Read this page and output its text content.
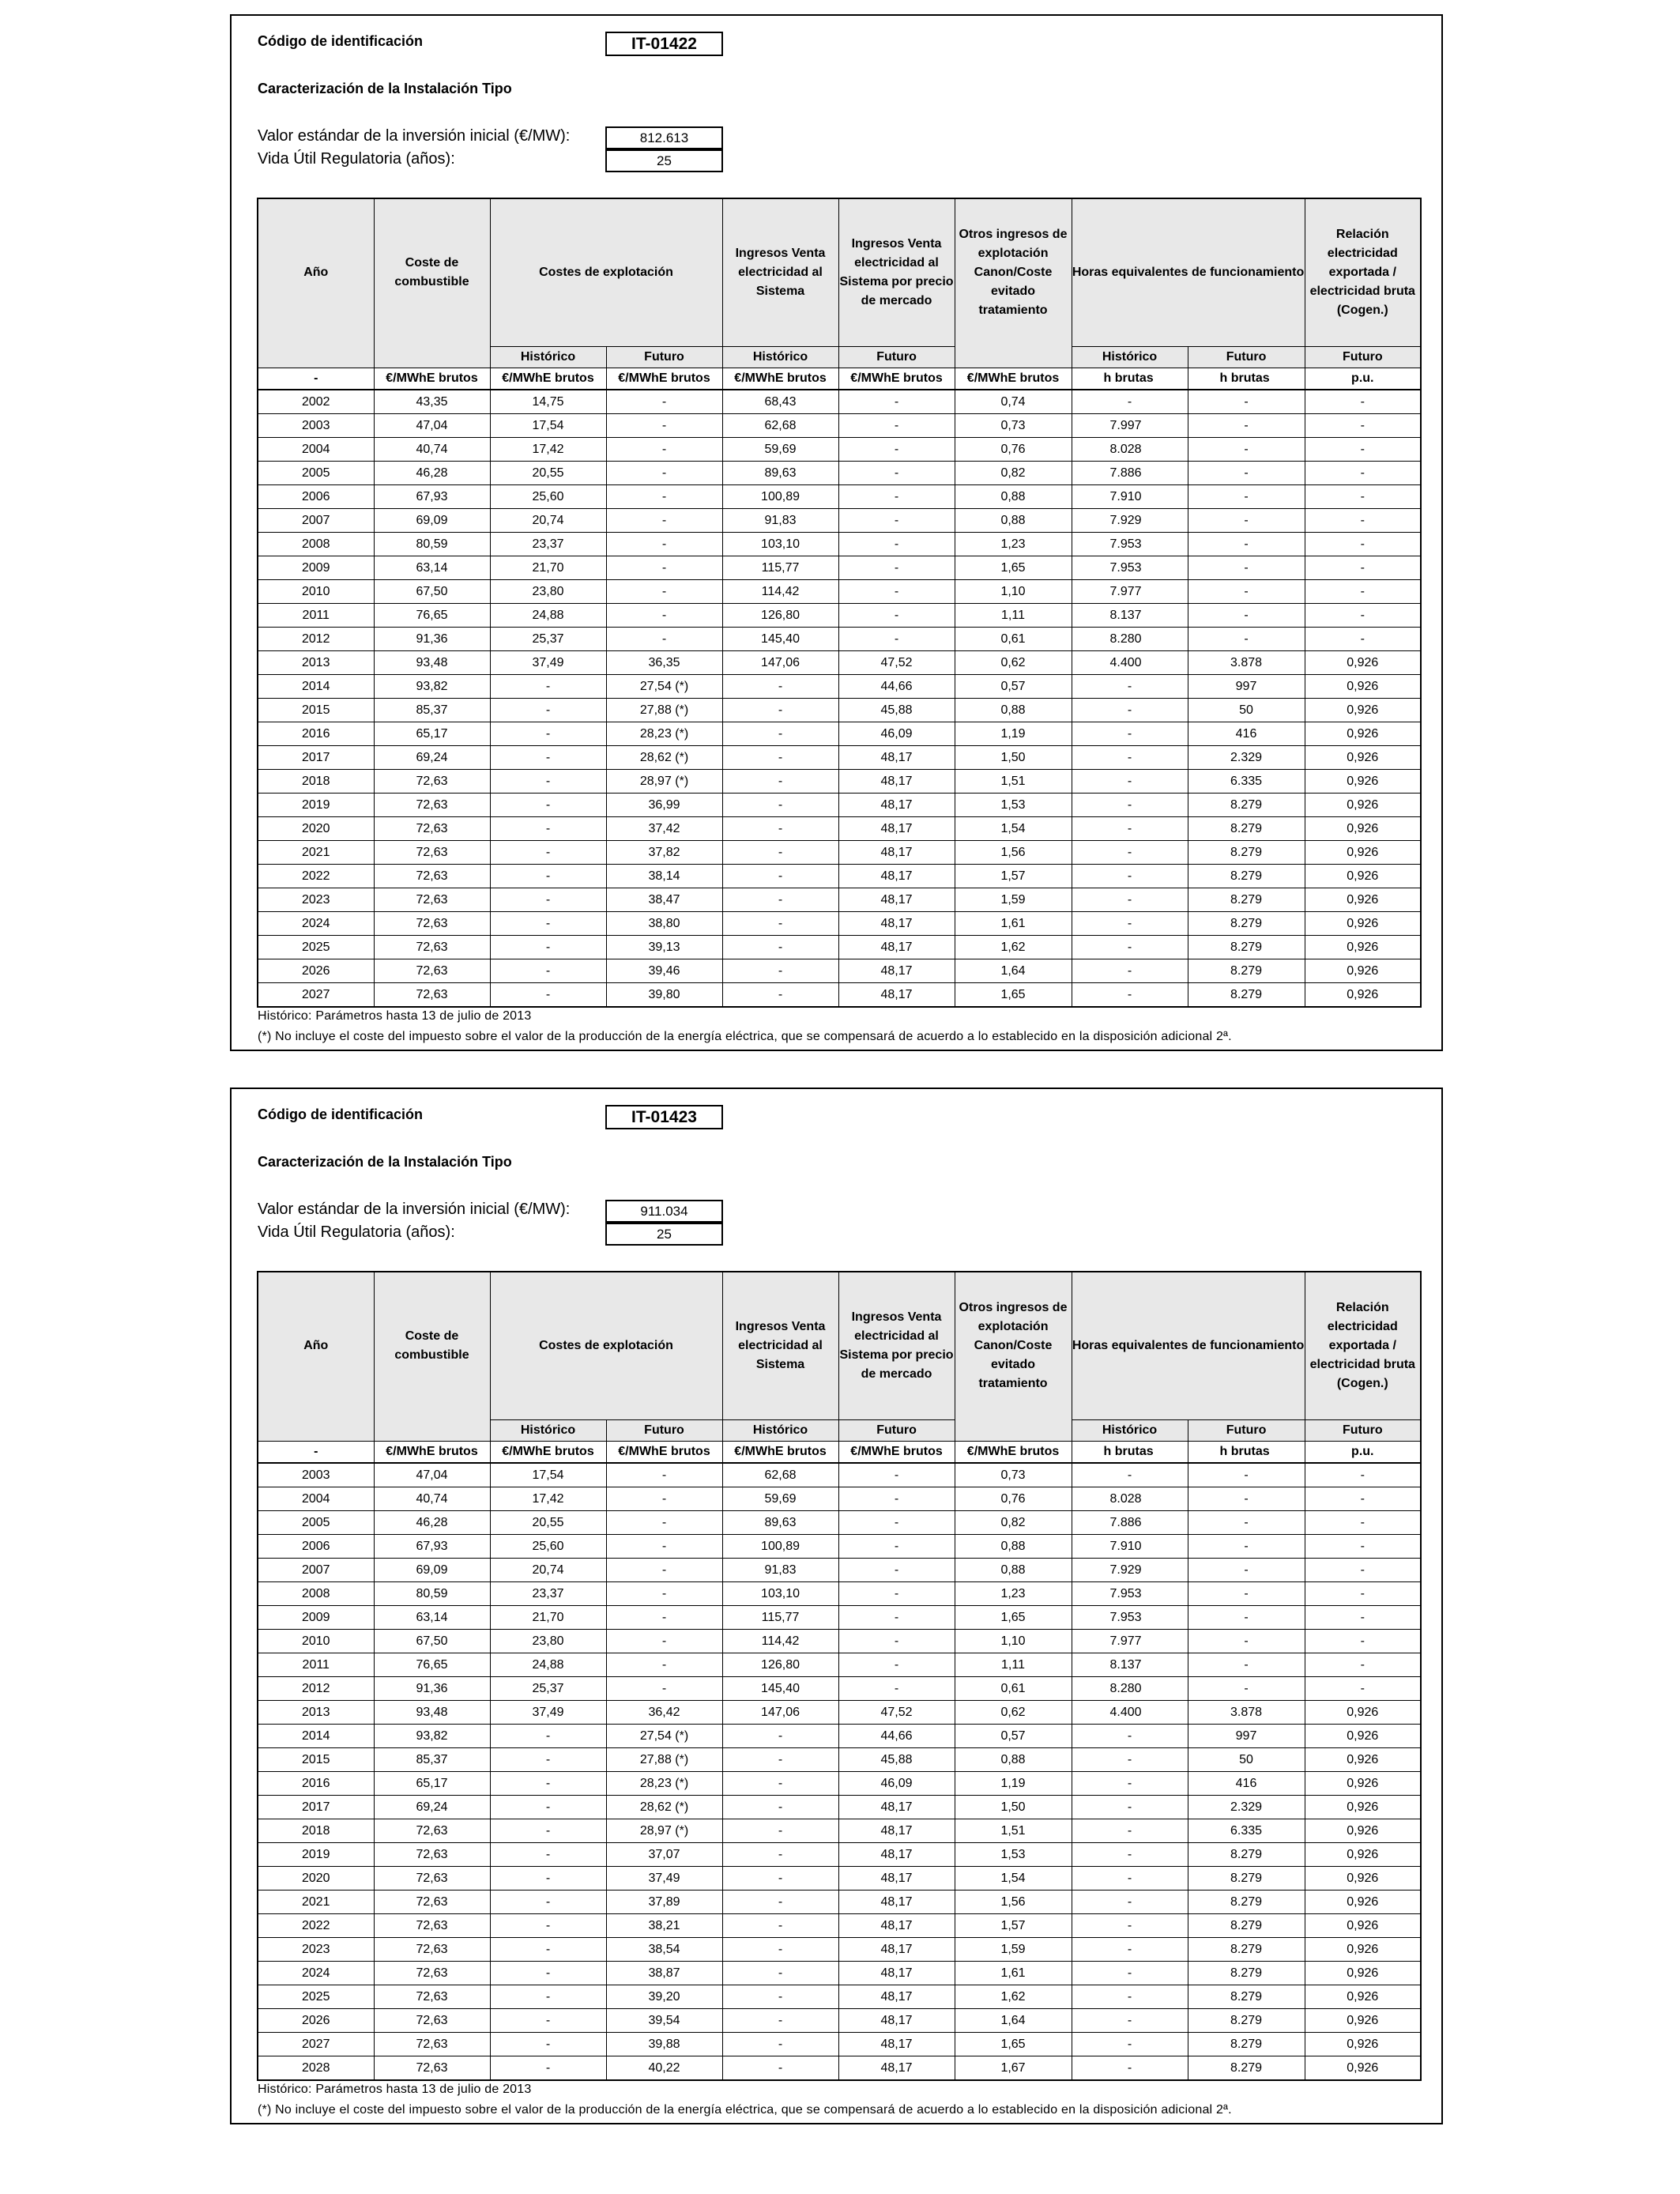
Código de identificación	IT-01422
Caracterización de la Instalación Tipo
Valor estándar de la inversión inicial (€/MW):	812.613
Vida Útil Regulatoria (años):	25
Año	Coste de combustible	Costes de explotación		Ingresos Venta electricidad al Sistema	Ingresos Venta electricidad al Sistema por precio de mercado	Otros ingresos de explotación Canon/Coste evitado tratamiento	Horas equivalentes de funcionamiento		Relación electricidad exportada / electricidad bruta (Cogen.)
		Histórico	Futuro	Histórico	Futuro		Histórico	Futuro	Futuro
-	€/MWhE brutos	€/MWhE brutos	€/MWhE brutos	€/MWhE brutos	€/MWhE brutos	€/MWhE brutos	h brutas	h brutas	p.u.
2002	43,35	14,75	-	68,43	-	0,74	-	-	-
2003	47,04	17,54	-	62,68	-	0,73	7.997	-	-
2004	40,74	17,42	-	59,69	-	0,76	8.028	-	-
2005	46,28	20,55	-	89,63	-	0,82	7.886	-	-
2006	67,93	25,60	-	100,89	-	0,88	7.910	-	-
2007	69,09	20,74	-	91,83	-	0,88	7.929	-	-
2008	80,59	23,37	-	103,10	-	1,23	7.953	-	-
2009	63,14	21,70	-	115,77	-	1,65	7.953	-	-
2010	67,50	23,80	-	114,42	-	1,10	7.977	-	-
2011	76,65	24,88	-	126,80	-	1,11	8.137	-	-
2012	91,36	25,37	-	145,40	-	0,61	8.280	-	-
2013	93,48	37,49	36,35	147,06	47,52	0,62	4.400	3.878	0,926
2014	93,82	-	27,54 (*)	-	44,66	0,57	-	997	0,926
2015	85,37	-	27,88 (*)	-	45,88	0,88	-	50	0,926
2016	65,17	-	28,23 (*)	-	46,09	1,19	-	416	0,926
2017	69,24	-	28,62 (*)	-	48,17	1,50	-	2.329	0,926
2018	72,63	-	28,97 (*)	-	48,17	1,51	-	6.335	0,926
2019	72,63	-	36,99	-	48,17	1,53	-	8.279	0,926
2020	72,63	-	37,42	-	48,17	1,54	-	8.279	0,926
2021	72,63	-	37,82	-	48,17	1,56	-	8.279	0,926
2022	72,63	-	38,14	-	48,17	1,57	-	8.279	0,926
2023	72,63	-	38,47	-	48,17	1,59	-	8.279	0,926
2024	72,63	-	38,80	-	48,17	1,61	-	8.279	0,926
2025	72,63	-	39,13	-	48,17	1,62	-	8.279	0,926
2026	72,63	-	39,46	-	48,17	1,64	-	8.279	0,926
2027	72,63	-	39,80	-	48,17	1,65	-	8.279	0,926
Histórico: Parámetros hasta 13 de julio de 2013
(*) No incluye el coste del impuesto sobre el valor de la producción de la energía eléctrica, que se compensará de acuerdo a lo establecido en la disposición adicional 2ª.
Código de identificación	IT-01423
Caracterización de la Instalación Tipo
Valor estándar de la inversión inicial (€/MW):	911.034
Vida Útil Regulatoria (años):	25
Año	Coste de combustible	Costes de explotación		Ingresos Venta electricidad al Sistema	Ingresos Venta electricidad al Sistema por precio de mercado	Otros ingresos de explotación Canon/Coste evitado tratamiento	Horas equivalentes de funcionamiento		Relación electricidad exportada / electricidad bruta (Cogen.)
		Histórico	Futuro	Histórico	Futuro		Histórico	Futuro	Futuro
-	€/MWhE brutos	€/MWhE brutos	€/MWhE brutos	€/MWhE brutos	€/MWhE brutos	€/MWhE brutos	h brutas	h brutas	p.u.
2003	47,04	17,54	-	62,68	-	0,73	-	-	-
2004	40,74	17,42	-	59,69	-	0,76	8.028	-	-
2005	46,28	20,55	-	89,63	-	0,82	7.886	-	-
2006	67,93	25,60	-	100,89	-	0,88	7.910	-	-
2007	69,09	20,74	-	91,83	-	0,88	7.929	-	-
2008	80,59	23,37	-	103,10	-	1,23	7.953	-	-
2009	63,14	21,70	-	115,77	-	1,65	7.953	-	-
2010	67,50	23,80	-	114,42	-	1,10	7.977	-	-
2011	76,65	24,88	-	126,80	-	1,11	8.137	-	-
2012	91,36	25,37	-	145,40	-	0,61	8.280	-	-
2013	93,48	37,49	36,42	147,06	47,52	0,62	4.400	3.878	0,926
2014	93,82	-	27,54 (*)	-	44,66	0,57	-	997	0,926
2015	85,37	-	27,88 (*)	-	45,88	0,88	-	50	0,926
2016	65,17	-	28,23 (*)	-	46,09	1,19	-	416	0,926
2017	69,24	-	28,62 (*)	-	48,17	1,50	-	2.329	0,926
2018	72,63	-	28,97 (*)	-	48,17	1,51	-	6.335	0,926
2019	72,63	-	37,07	-	48,17	1,53	-	8.279	0,926
2020	72,63	-	37,49	-	48,17	1,54	-	8.279	0,926
2021	72,63	-	37,89	-	48,17	1,56	-	8.279	0,926
2022	72,63	-	38,21	-	48,17	1,57	-	8.279	0,926
2023	72,63	-	38,54	-	48,17	1,59	-	8.279	0,926
2024	72,63	-	38,87	-	48,17	1,61	-	8.279	0,926
2025	72,63	-	39,20	-	48,17	1,62	-	8.279	0,926
2026	72,63	-	39,54	-	48,17	1,64	-	8.279	0,926
2027	72,63	-	39,88	-	48,17	1,65	-	8.279	0,926
2028	72,63	-	40,22	-	48,17	1,67	-	8.279	0,926
Histórico: Parámetros hasta 13 de julio de 2013
(*) No incluye el coste del impuesto sobre el valor de la producción de la energía eléctrica, que se compensará de acuerdo a lo establecido en la disposición adicional 2ª.
